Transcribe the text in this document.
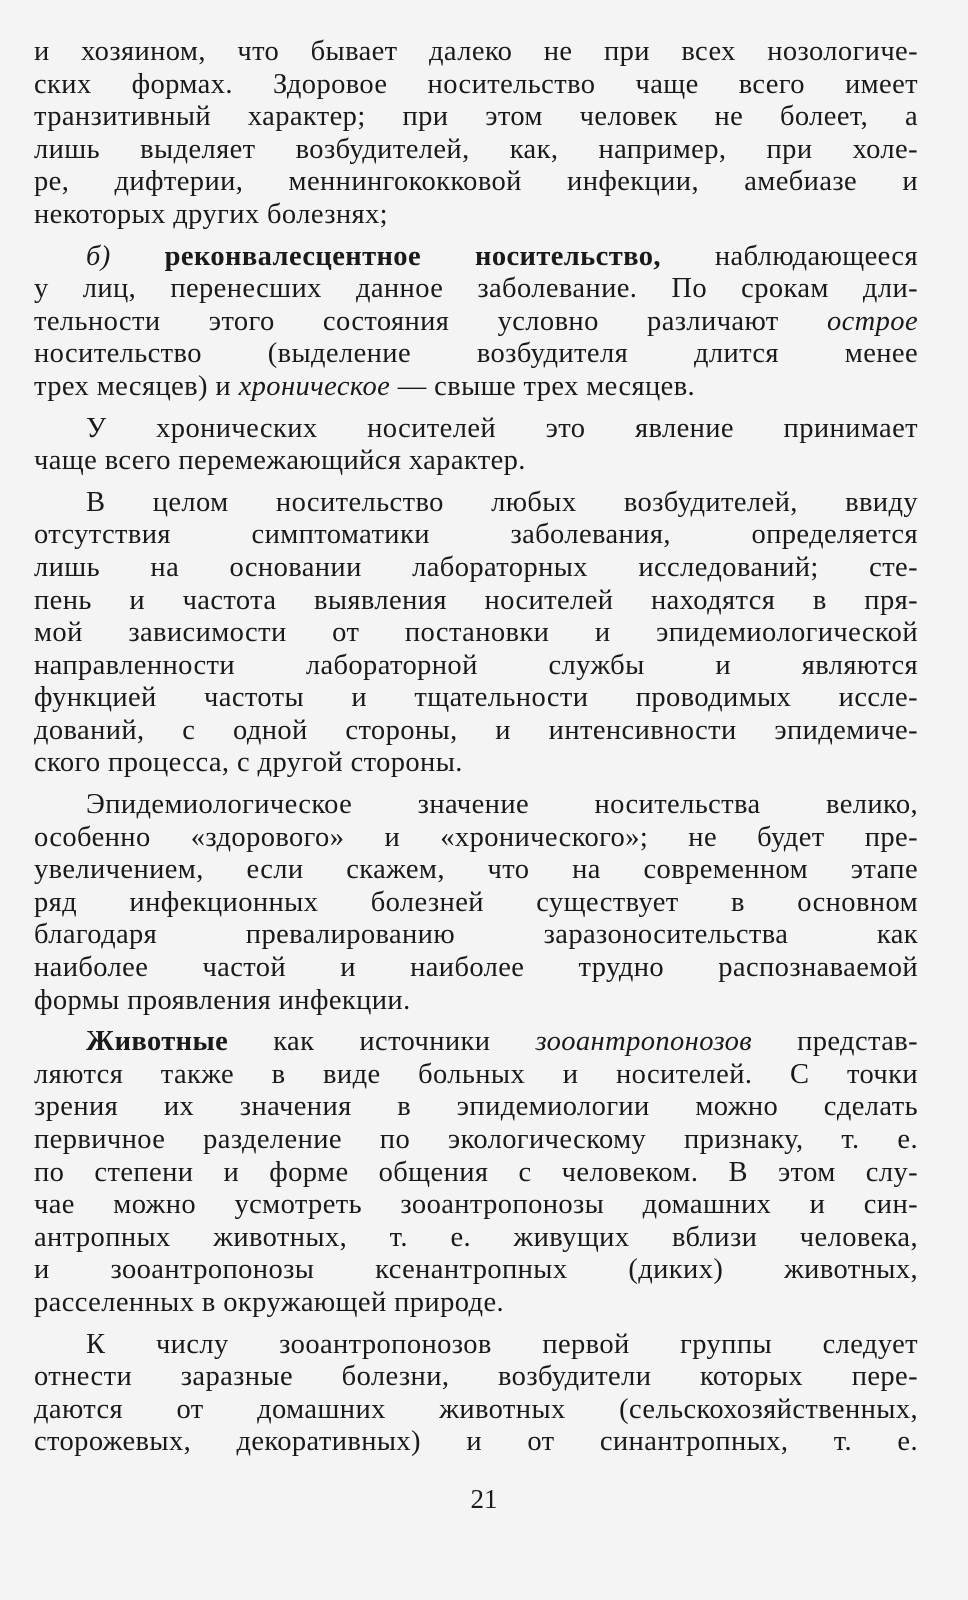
и хозяином, что бывает далеко не при всех нозологиче-
ских формах. Здоровое носительство чаще всего имеет
транзитивный характер; при этом человек не болеет, а
лишь выделяет возбудителей, как, например, при холе-
ре, дифтерии, меннингококковой инфекции, амебиазе и
некоторых других болезнях;
б) реконвалесцентное носительство, наблюдающееся
у лиц, перенесших данное заболевание. По срокам дли-
тельности этого состояния условно различают острое
носительство (выделение возбудителя длится менее
трех месяцев) и хроническое — свыше трех месяцев.
У хронических носителей это явление принимает
чаще всего перемежающийся характер.
В целом носительство любых возбудителей, ввиду
отсутствия симптоматики заболевания, определяется
лишь на основании лабораторных исследований; сте-
пень и частота выявления носителей находятся в пря-
мой зависимости от постановки и эпидемиологической
направленности лабораторной службы и являются
функцией частоты и тщательности проводимых иссле-
дований, с одной стороны, и интенсивности эпидемиче-
ского процесса, с другой стороны.
Эпидемиологическое значение носительства велико,
особенно «здорового» и «хронического»; не будет пре-
увеличением, если скажем, что на современном этапе
ряд инфекционных болезней существует в основном
благодаря превалированию заразоносительства как
наиболее частой и наиболее трудно распознаваемой
формы проявления инфекции.
Животные как источники зооантропонозов представ-
ляются также в виде больных и носителей. С точки
зрения их значения в эпидемиологии можно сделать
первичное разделение по экологическому признаку, т. е.
по степени и форме общения с человеком. В этом слу-
чае можно усмотреть зооантропонозы домашних и син-
антропных животных, т. е. живущих вблизи человека,
и зооантропонозы ксенантропных (диких) животных,
расселенных в окружающей природе.
К числу зооантропонозов первой группы следует
отнести заразные болезни, возбудители которых пере-
даются от домашних животных (сельскохозяйственных,
сторожевых, декоративных) и от синантропных, т. е.
21
